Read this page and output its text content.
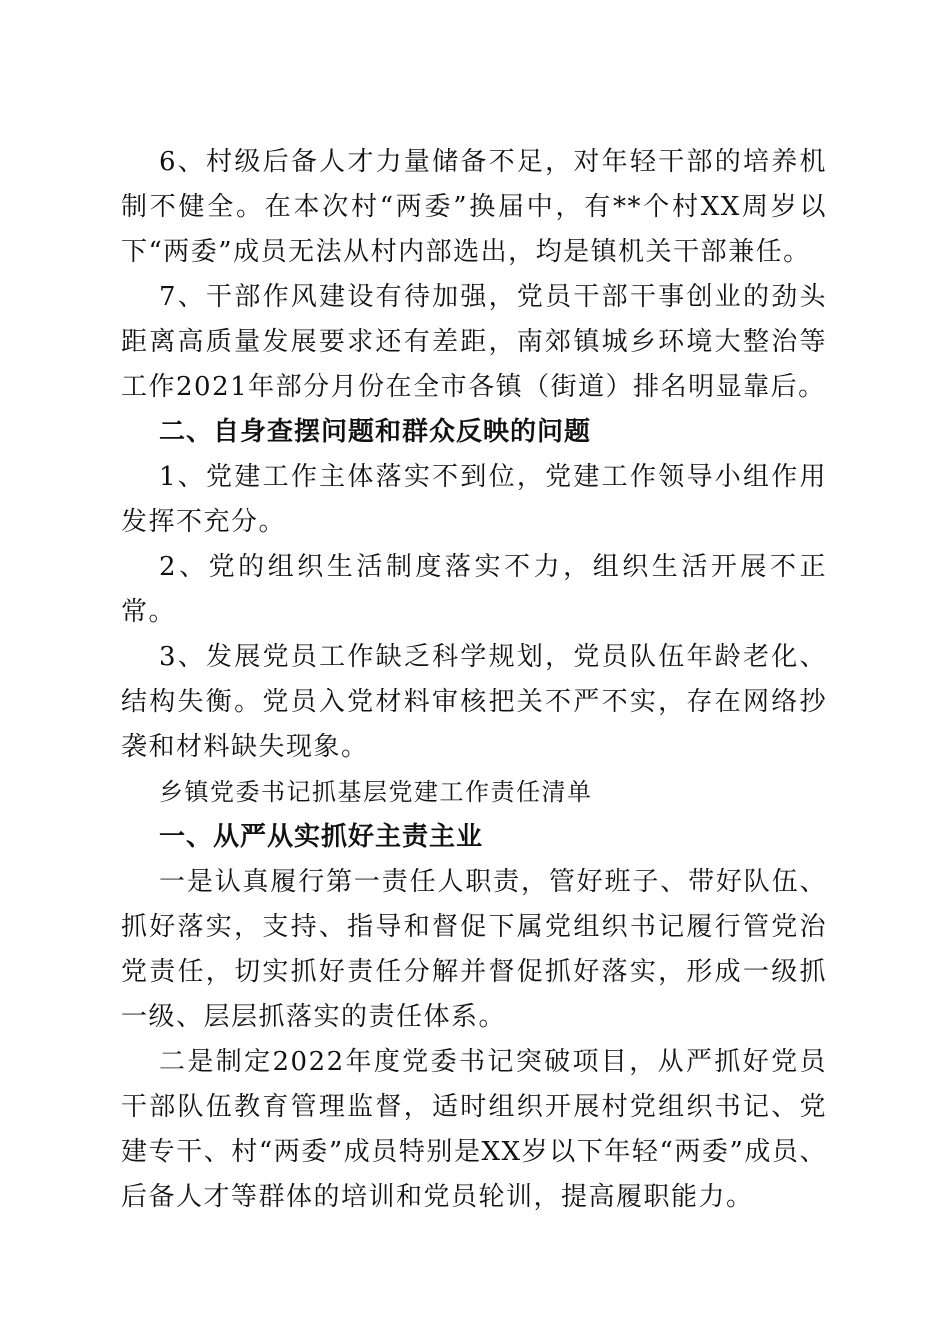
6、村级后备人才力量储备不足，对年轻干部的培养机制不健全。在本次村“两委”换届中，有**个村XX周岁以下“两委”成员无法从村内部选出，均是镇机关干部兼任。

7、干部作风建设有待加强，党员干部干事创业的劲头距离高质量发展要求还有差距，南郊镇城乡环境大整治等工作2021年部分月份在全市各镇（街道）排名明显靠后。

二、自身查摆问题和群众反映的问题

1、党建工作主体落实不到位，党建工作领导小组作用发挥不充分。

2、党的组织生活制度落实不力，组织生活开展不正常。

3、发展党员工作缺乏科学规划，党员队伍年龄老化、结构失衡。党员入党材料审核把关不严不实，存在网络抄袭和材料缺失现象。

乡镇党委书记抓基层党建工作责任清单

一、从严从实抓好主责主业

一是认真履行第一责任人职责，管好班子、带好队伍、抓好落实，支持、指导和督促下属党组织书记履行管党治党责任，切实抓好责任分解并督促抓好落实，形成一级抓一级、层层抓落实的责任体系。

二是制定2022年度党委书记突破项目，从严抓好党员干部队伍教育管理监督，适时组织开展村党组织书记、党建专干、村“两委”成员特别是XX岁以下年轻“两委”成员、后备人才等群体的培训和党员轮训，提高履职能力。
